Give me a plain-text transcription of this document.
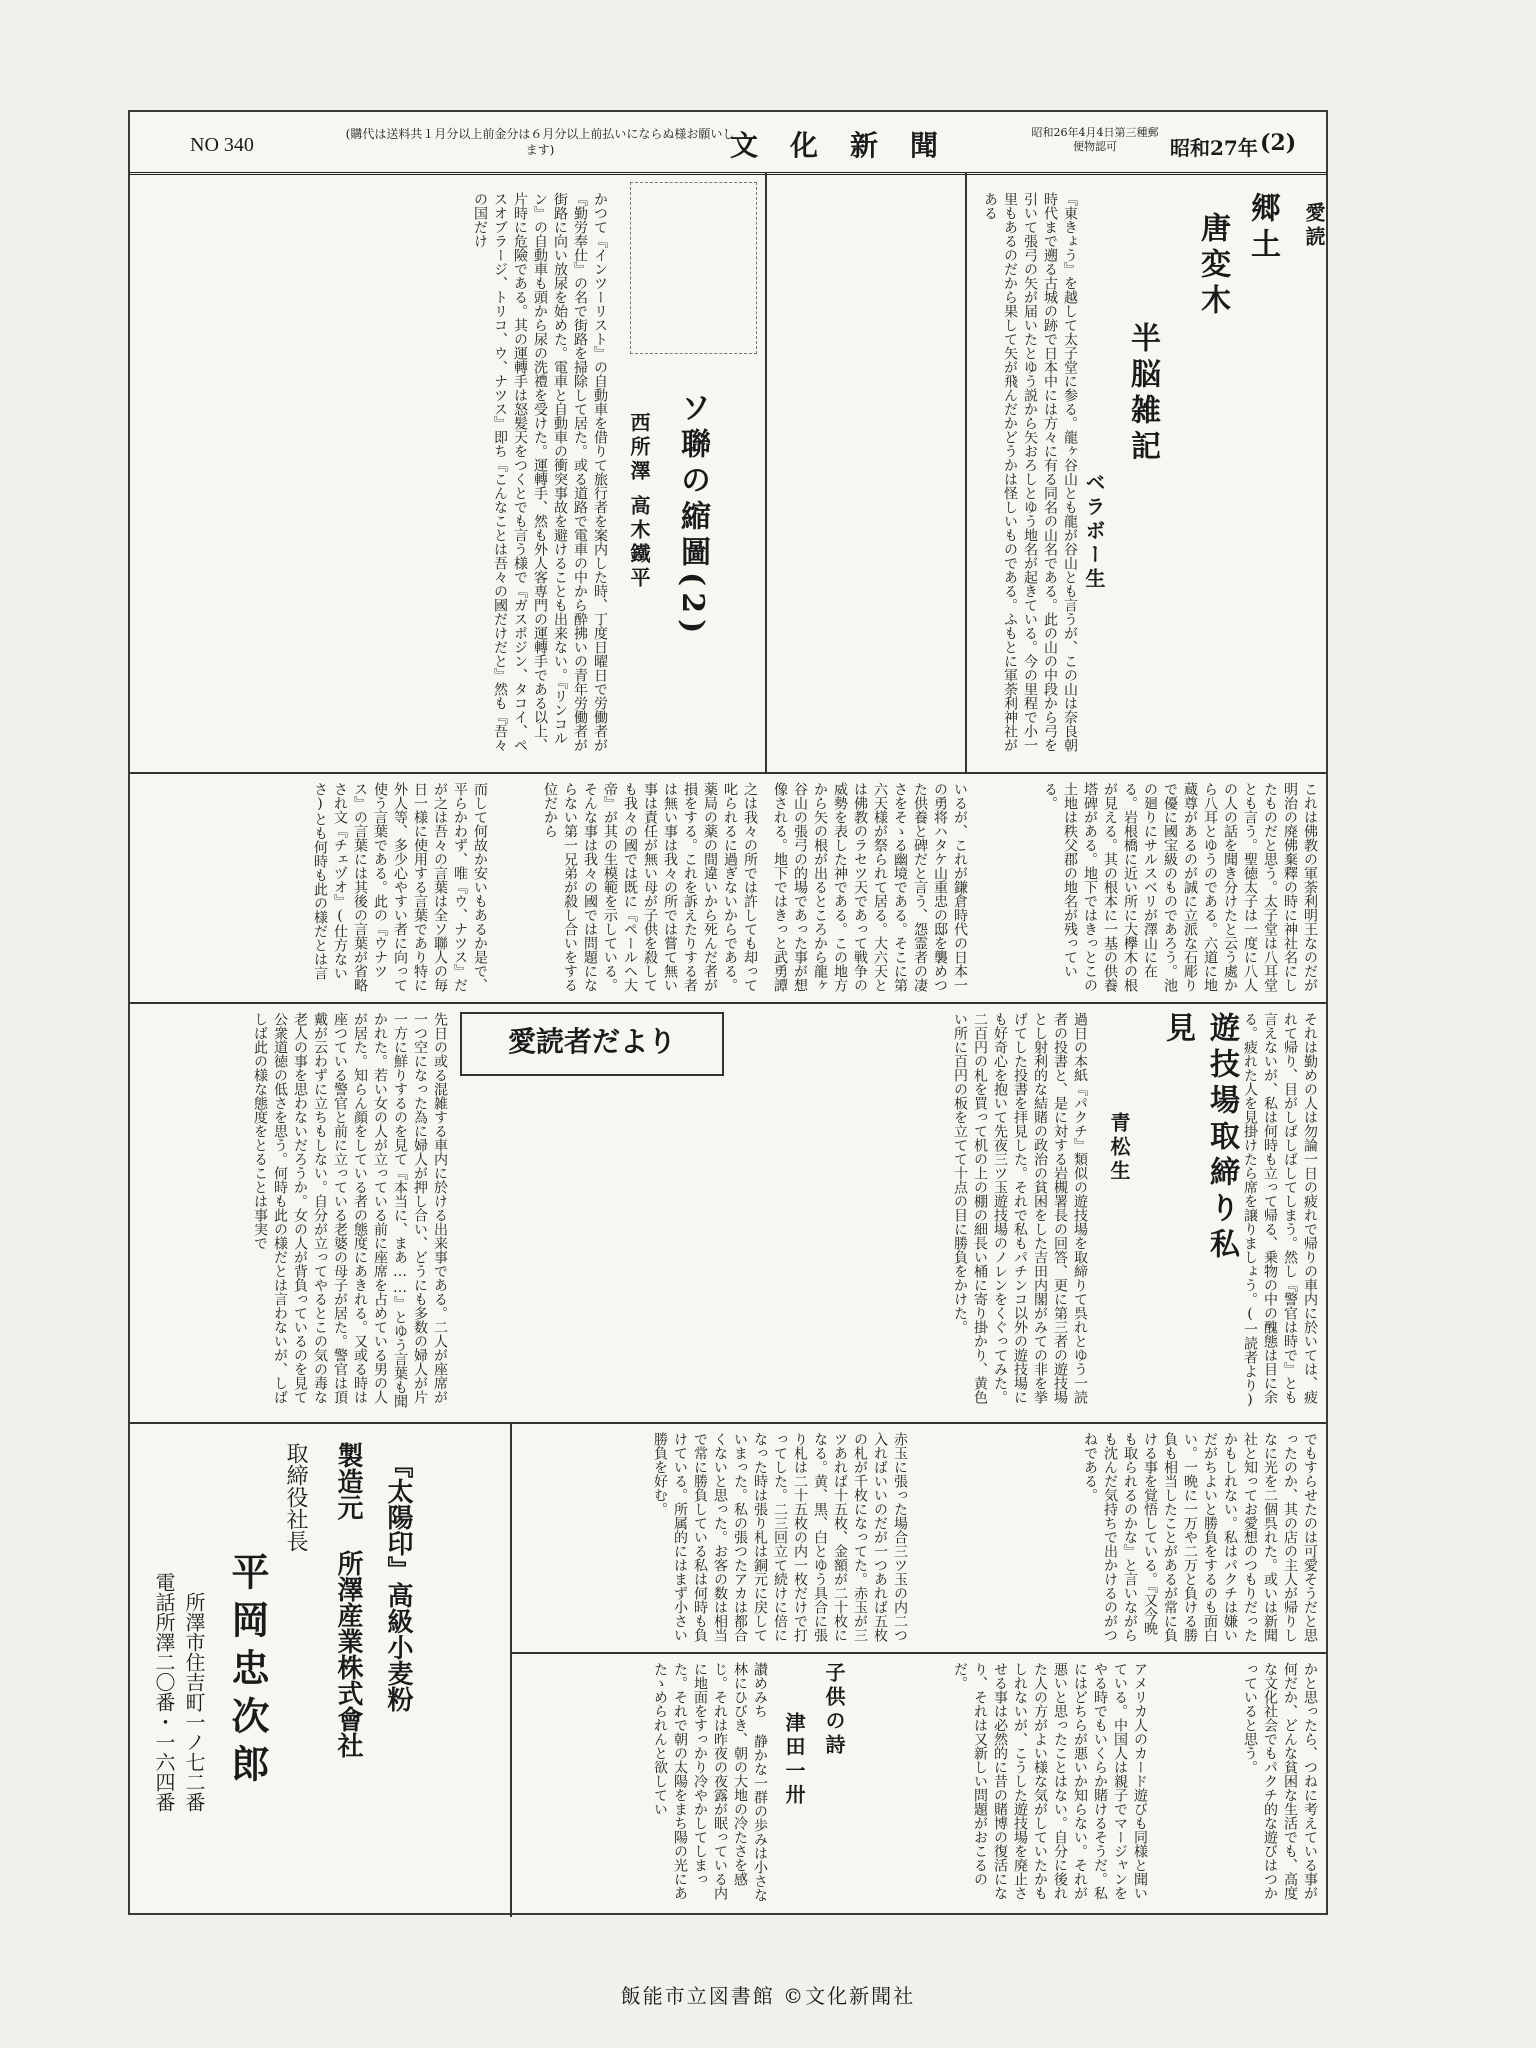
NO 340	(購代は送料共１月分以上前金分は６月分以上前払いにならぬ様お願いします)	文化新聞	昭和26年4月4日第三種郵便物認可	昭和27年 (2)
郷土 愛読
唐変木
半脳雑記
ベラボー生
『東きょう』を越して太子堂に参る。龍ヶ谷山とも龍が谷山とも言うが、この山は奈良朝時代まで遡る古城の跡で日本中には方々に有る同名の山名である。此の山の中段から弓を引いて張弓の矢が届いたとゆう説から矢おろしとゆう地名が起きている。今の里程で小一里もあるのだから果して矢が飛んだかどうかは怪しいものである。ふもとに軍荼利神社がある
これは佛教の軍荼利明王なのだが明治の廃佛棄釋の時に神社名にしたものだと思う。太子堂は八耳堂とも言う。聖徳太子は一度に八人の人の話を聞き分けたと云う處から八耳とゆうのである。六道に地蔵尊があるのが誠に立派な石彫りで優に國宝級のものであろう。池の廻りにサルスベリが澤山に在る。岩根橋に近い所に大欅木の根が見える。其の根本に一基の供養塔碑がある。地下ではきっとこの土地は秩父郡の地名が残っている。
いるが、これが鎌倉時代の日本一の勇将ハタケ山重忠の邸を襲めつた供養と碑だと言う、怨霊者の凄さをそゝる幽境である。そこに第六天様が祭られて居る。大六天とは佛教のラセツ天であって戦争の威勢を表した神である。この地方から矢の根が出るところから龍ヶ谷山の張弓の的場であった事が想像される。地下ではきっと武勇譚
ソ聯の縮圖(2)
西所澤 高木鐵平
かつて『インツーリスト』の自動車を借りて旅行者を案内した時、丁度日曜日で労働者が『勤労奉仕』の名で街路を掃除して居た。或る道路で電車の中から酔拂いの青年労働者が街路に向い放尿を始めた。電車と自動車の衝突事故を避けることも出来ない。『リンコルン』の自動車も頭から尿の洗禮を受けた。運轉手、然も外人客専門の運轉手である以上、片時に危險である。其の運轉手は怒髪天をつくとでも言う様で『ガスポジン、タコイ、ペスオブラージ、トリコ、ウ、ナツス』即ち『こんなことは吾々の國だけだと』然も『吾々の国だけ
之は我々の所では許しても却って叱られるに過ぎないからである。薬局の薬の間違いから死んだ者が損をする。これを訴えたりする者は無い事は我々の所では嘗て無い事は責任が無い母が子供を殺しても我々の國では既に『ペールヘ大帝』が其の生模範を示している。そんな事は我々の國では問題にならない第一兄弟が殺し合いをする位だから
而して何故か安いもあるか是で、平らかわず、唯『ウ、ナツス』だが之は吾々の言葉は全ソ聯人の毎日一様に使用する言葉であり特に外人等、多少心やすい者に向って使う言葉である。此の『ウナツス』の言葉には其後の言葉が省略され文『チェヅオ』(仕方ないさ)とも何時も此の様だとは言
愛読者だより
先日の或る混雑する車内に於ける出来事である。二人が座席が一つ空になった為に婦人が押し合い、どうにも多数の婦人が片一方に鮮りするのを見て『本当に、まあ……』とゆう言葉も聞かれた。若い女の人が立っている前に座席を占めている男の人が居た。知らん顔をしている者の態度にあきれる。又或る時は座つている警官と前に立っている老婆の母子が居た。警官は頂戴が云わずに立ちもしない。自分が立ってやるとこの気の毒な老人の事を思わないだろうか。女の人が背負っているのを見て公衆道徳の低さを思う。何時も此の様だとは言わないが、しばしば此の様な態度をとることは事実で	遊技場取締り私見
青松生
過日の本紙『パクチ』類似の遊技場を取締りて呉れとゆう一読者の投書と、是に対する岩槻署長の回答、更に第三者の遊技場とし射利的な結賭の政治の貧困をした吉田内閣がみての非を挙げてした投書を拝見した。それで私もパチンコ以外の遊技場にも好奇心を抱いて先夜三ツ玉遊技場のノレンをくぐってみた。二百円の札を買って机の上の棚の細長い桶に寄り掛かり、黄色い所に百円の板を立てて十点の目に勝負をかけた。
赤玉に張った場合三ツ玉の内二つ入ればいいのだが一つあれば五枚の札が千枚になってた。赤玉が三ツあれば十五枚、金額が二十枚になる。黄、黒、白とゆう具合に張り札は二十五枚の内一枚だけで打ってした。二三回立て続けに倍になった時は張り札は銅元に戻していまった。私の張つたアカは都合くないと思った。お客の数は相当で常に勝負している私は何時も負けている。所属的にはまず小さい勝負を好む。
それは勤めの人は勿論一日の疲れで帰りの車内に於いては、疲れて帰り、目がしばしばしてしまう。然し『警官は時で』とも言えないが、私は何時も立って帰る、乗物の中の醜態は目に余る。疲れた人を見掛けたら席を譲りましょう。(一読者より)
でもすらせたのは可愛そうだと思ったのか、其の店の主人が帰りしなに光を二個呉れた。或いは新聞社と知ってお愛想のつもりだったかもしれない。私はパクチは嫌いだがちよいと勝負をするのも面白い。一晩に一万や二万と負ける勝負も相当したことがあるが常に負ける事を覚悟している。『又今晩も取られるのかな』と言いながらも沈んだ気持ちで出かけるのがつねである。
『太陽印』高級小麦粉
製造元 所澤産業株式會社
取締役社長
平岡忠次郎
所澤市住吉町一ノ七二番
電話所澤二〇番・一六四番	子供の詩
津田一卅
讃めみち 静かな一群の歩みは小さな林にひびき、朝の大地の冷たさを感じ。それは昨夜の夜露が眠っている内に地面をすっかり冷やかしてしまった。それで朝の太陽をまち陽の光にあたゝめられんと欲してい	アメリカ人のカード遊びも同様と聞いている。中国人は親子でマージャンをやる時でもいくらか賭けるそうだ。私にはどちらが悪いか知らない。それが悪いと思ったことはない。自分に後れた人の方がよい様な気がしていたかもしれないが、こうした遊技場を廃止させる事は必然的に昔の賭博の復活になり、それは又新しい問題がおこるのだ。	かと思ったら、つねに考えている事が何だか、どんな貧困な生活でも、高度な文化社会でもパクチ的な遊びはつかっていると思う。
飯能市立図書館 ©文化新聞社
